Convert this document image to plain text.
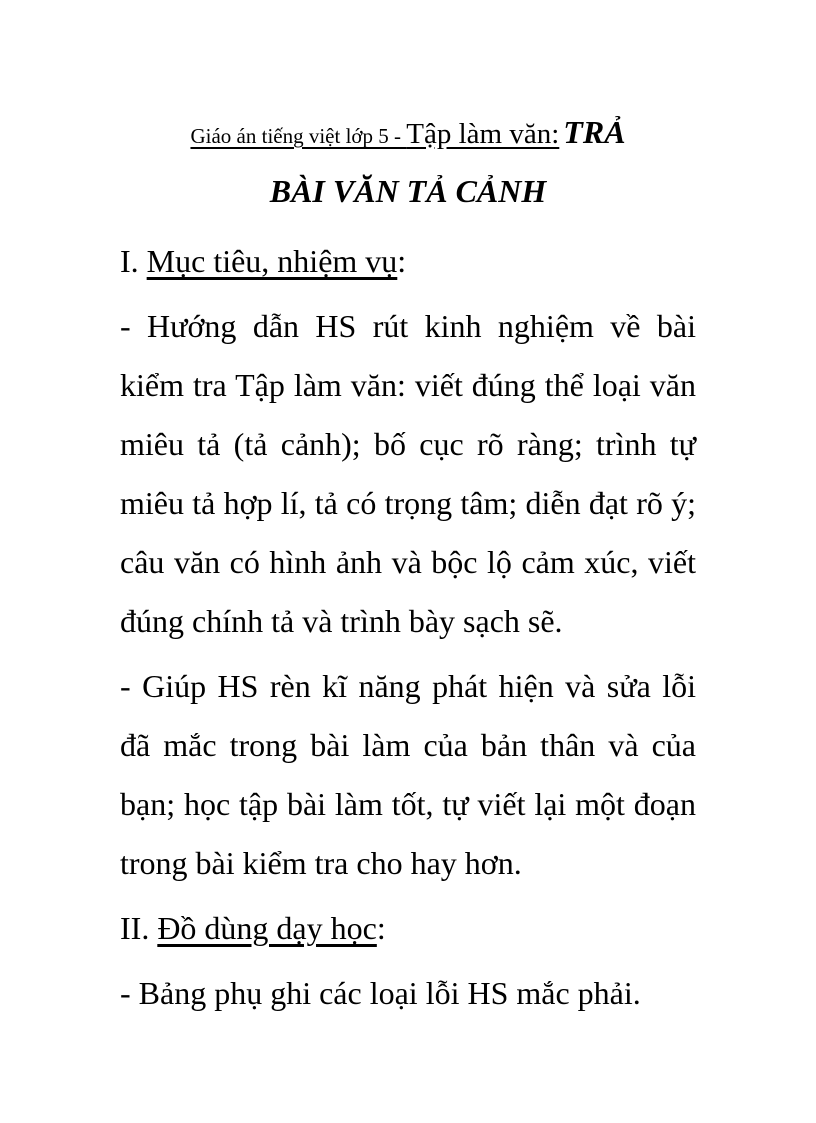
Giáo án tiếng việt lớp 5 - Tập làm văn: TRẢ
BÀI VĂN TẢ CẢNH
I. Mục tiêu, nhiệm vụ:

- Hướng dẫn HS rút kinh nghiệm về bài kiểm tra Tập làm văn: viết đúng thể loại văn miêu tả (tả cảnh); bố cục rõ ràng; trình tự miêu tả hợp lí, tả có trọng tâm; diễn đạt rõ ý; câu văn có hình ảnh và bộc lộ cảm xúc, viết đúng chính tả và trình bày sạch sẽ.

- Giúp HS rèn kĩ năng phát hiện và sửa lỗi đã mắc trong bài làm của bản thân và của bạn; học tập bài làm tốt, tự viết lại một đoạn trong bài kiểm tra cho hay hơn.

II. Đồ dùng dạy học:

- Bảng phụ ghi các loại lỗi HS mắc phải.
